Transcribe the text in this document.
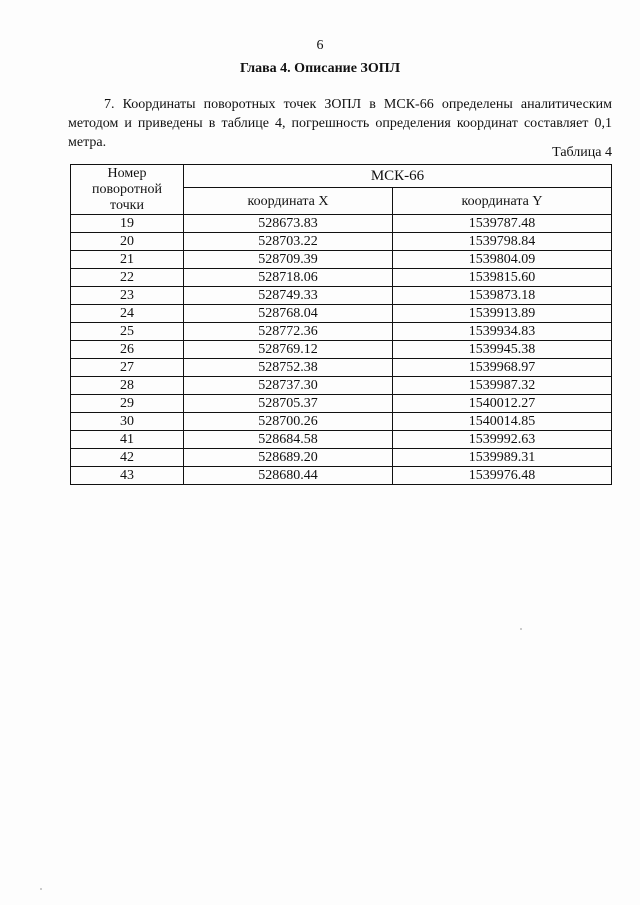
6
Глава 4. Описание ЗОПЛ

7. Координаты поворотных точек ЗОПЛ в МСК-66 определены аналитическим методом и приведены в таблице 4, погрешность определения координат составляет 0,1 метра.

Таблица 4
Номер поворотной точки	МСК-66	
	координата X	координата Y
19	528673.83	1539787.48
20	528703.22	1539798.84
21	528709.39	1539804.09
22	528718.06	1539815.60
23	528749.33	1539873.18
24	528768.04	1539913.89
25	528772.36	1539934.83
26	528769.12	1539945.38
27	528752.38	1539968.97
28	528737.30	1539987.32
29	528705.37	1540012.27
30	528700.26	1540014.85
41	528684.58	1539992.63
42	528689.20	1539989.31
43	528680.44	1539976.48
